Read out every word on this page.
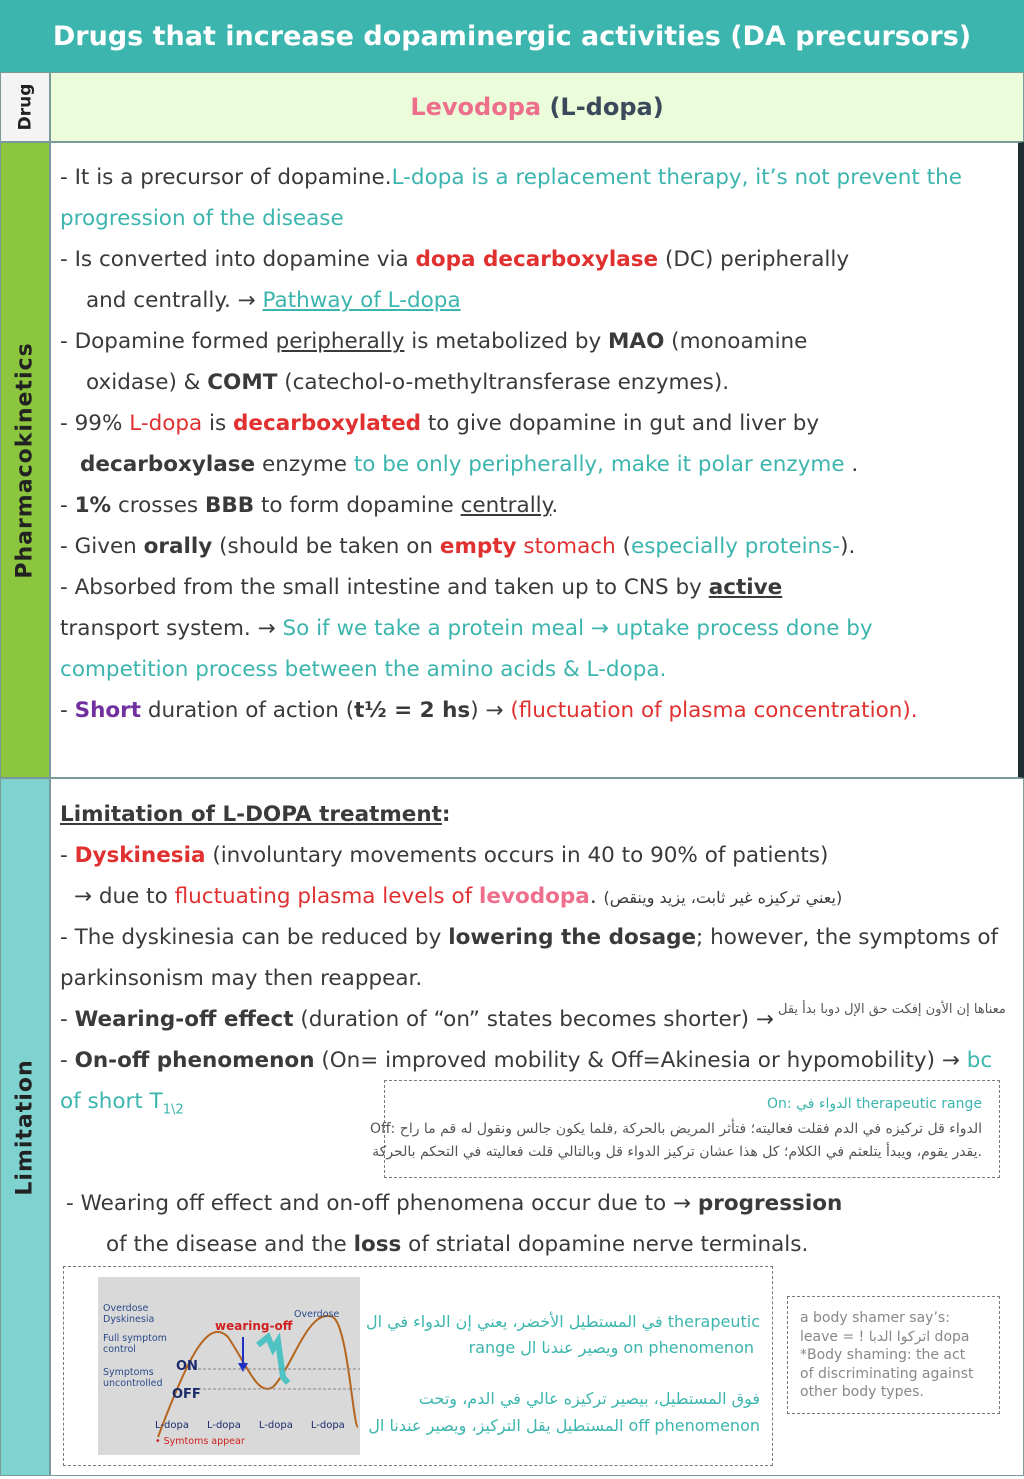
Drugs that increase dopaminergic activities (DA precursors)
Drug
Pharmacokinetics
Limitation
Levodopa
(L-dopa)
- It is a precursor of dopamine.L-dopa is a replacement therapy, it’s not prevent the
progression of the disease
- Is converted into dopamine via dopa decarboxylase (DC) peripherally
and centrally. → Pathway of L-dopa
- Dopamine formed peripherally is metabolized by MAO (monoamine
oxidase) & COMT (catechol-o-methyltransferase enzymes).
- 99% L-dopa is decarboxylated to give dopamine in gut and liver by
decarboxylase enzyme to be only peripherally, make it polar enzyme .
- 1% crosses BBB to form dopamine centrally.
- Given orally (should be taken on empty stomach (especially proteins-).
- Absorbed from the small intestine and taken up to CNS by active
transport system. → So if we take a protein meal → uptake process done by
competition process between the amino acids & L-dopa.
- Short duration of action (t½ = 2 hs) → (fluctuation of plasma concentration).
Limitation of L-DOPA treatment:
- Dyskinesia (involuntary movements occurs in 40 to 90% of patients)
→ due to fluctuating plasma levels of levodopa. (يعني تركيزه غير ثابت، يزيد وينقص)
- The dyskinesia can be reduced by lowering the dosage; however, the symptoms of
parkinsonism may then reappear.
- Wearing-off effect (duration of “on” states becomes shorter) → معناها إن الأون إفكت حق الإل دوبا بدأ يقل
- On-off phenomenon (On= improved mobility & Off=Akinesia or hypomobility) → bc
of short $T_{1\backslash 2}$	On: الدواء في therapeutic range
Off: الدواء قل تركيزه في الدم فقلت فعاليته؛ فتأثر المريض بالحركة ,فلما يكون جالس ونقول له قم ما راح
يقدر يقوم، ويبدأ يتلعثم في الكلام؛ كل هذا عشان تركيز الدواء قل وبالتالي قلت فعاليته في التحكم بالحركة.
- Wearing off effect and on-off phenomena occur due to → progression
of the disease and the loss of striatal dopamine nerve terminals.
Overdose
Dyskinesia
Full symptom
control
Symptoms
uncontrolled
Overdose
wearing-off
ON
OFF
L-dopa L-dopa L-dopa L-dopa
• Symtoms appear
في المستطيل الأخضر، يعني إن الدواء في ال therapeutic
range ويصير عندنا ال on phenomenon
فوق المستطيل، بيصير تركيزه عالي في الدم، وتحت
المستطيل يقل التركيز، ويصير عندنا ال off phenomenon
a body shamer say’s:
leave = ! اتركوا الدبا dopa
*Body shaming: the act
of discriminating against
other body types.
